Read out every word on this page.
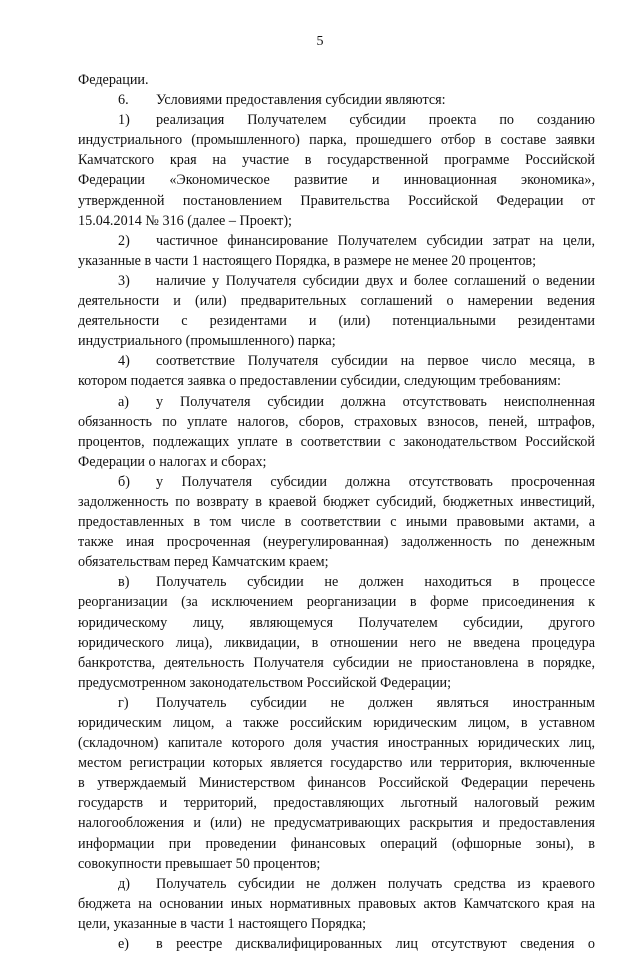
5
Федерации.
6. Условиями предоставления субсидии являются:
1) реализация Получателем субсидии проекта по созданию
индустриального (промышленного) парка, прошедшего отбор в составе заявки
Камчатского края на участие в государственной программе Российской
Федерации «Экономическое развитие и инновационная экономика»,
утвержденной постановлением Правительства Российской Федерации от
15.04.2014 № 316 (далее – Проект);
2) частичное финансирование Получателем субсидии затрат на цели,
указанные в части 1 настоящего Порядка, в размере не менее 20 процентов;
3) наличие у Получателя субсидии двух и более соглашений о ведении
деятельности и (или) предварительных соглашений о намерении ведения
деятельности с резидентами и (или) потенциальными резидентами
индустриального (промышленного) парка;
4) соответствие Получателя субсидии на первое число месяца, в
котором подается заявка о предоставлении субсидии, следующим требованиям:
а) у Получателя субсидии должна отсутствовать неисполненная
обязанность по уплате налогов, сборов, страховых взносов, пеней, штрафов,
процентов, подлежащих уплате в соответствии с законодательством Российской
Федерации о налогах и сборах;
б) у Получателя субсидии должна отсутствовать просроченная
задолженность по возврату в краевой бюджет субсидий, бюджетных инвестиций,
предоставленных в том числе в соответствии с иными правовыми актами, а
также иная просроченная (неурегулированная) задолженность по денежным
обязательствам перед Камчатским краем;
в) Получатель субсидии не должен находиться в процессе
реорганизации (за исключением реорганизации в форме присоединения к
юридическому лицу, являющемуся Получателем субсидии, другого
юридического лица), ликвидации, в отношении него не введена процедура
банкротства, деятельность Получателя субсидии не приостановлена в порядке,
предусмотренном законодательством Российской Федерации;
г) Получатель субсидии не должен являться иностранным
юридическим лицом, а также российским юридическим лицом, в уставном
(складочном) капитале которого доля участия иностранных юридических лиц,
местом регистрации которых является государство или территория, включенные
в утверждаемый Министерством финансов Российской Федерации перечень
государств и территорий, предоставляющих льготный налоговый режим
налогообложения и (или) не предусматривающих раскрытия и предоставления
информации при проведении финансовых операций (офшорные зоны), в
совокупности превышает 50 процентов;
д) Получатель субсидии не должен получать средства из краевого
бюджета на основании иных нормативных правовых актов Камчатского края на
цели, указанные в части 1 настоящего Порядка;
е) в реестре дисквалифицированных лиц отсутствуют сведения о
